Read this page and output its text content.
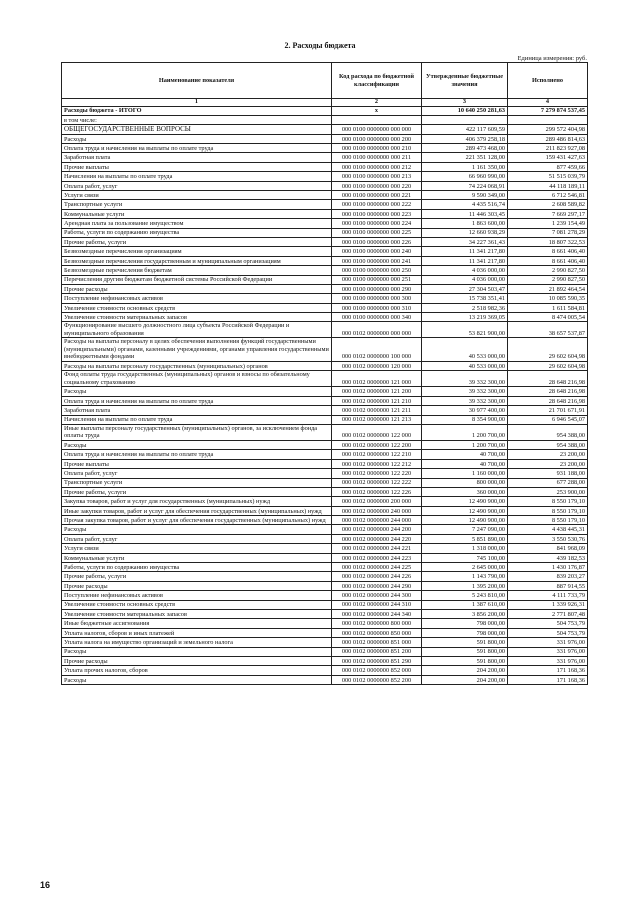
2. Расходы бюджета
Единица измерения: руб.
Наименование показателя	Код расхода по бюджетной классификации	Утвержденные бюджетные значения	Исполнено
1	2	3	4
Расходы бюджета - ИТОГО	x	10 640 250 281,63	7 279 874 537,45
в том числе:			
ОБЩЕГОСУДАРСТВЕННЫЕ ВОПРОСЫ	000 0100 0000000 000 000	422 117 609,59	299 572 404,98
Расходы	000 0100 0000000 000 200	406 379 258,18	289 486 814,63
Оплата труда и начисления на выплаты по оплате труда	000 0100 0000000 000 210	289 473 468,00	211 823 927,08
Заработная плата	000 0100 0000000 000 211	221 351 128,00	159 431 427,63
Прочие выплаты	000 0100 0000000 000 212	1 161 350,00	877 459,66
Начисления на выплаты по оплате труда	000 0100 0000000 000 213	66 960 990,00	51 515 039,79
Оплата работ, услуг	000 0100 0000000 000 220	74 224 068,91	44 118 189,11
Услуги связи	000 0100 0000000 000 221	9 590 349,00	6 712 546,81
Транспортные услуги	000 0100 0000000 000 222	4 435 516,74	2 608 589,82
Коммунальные услуги	000 0100 0000000 000 223	11 446 303,45	7 669 297,17
Арендная плата за пользование имуществом	000 0100 0000000 000 224	1 863 600,00	1 239 154,49
Работы, услуги по содержанию имущества	000 0100 0000000 000 225	12 660 938,29	7 081 278,29
Прочие работы, услуги	000 0100 0000000 000 226	34 227 361,43	18 807 322,53
Безвозмездные перечисления организациям	000 0100 0000000 000 240	11 341 217,80	8 661 406,40
Безвозмездные перечисления государственным и муниципальным организациям	000 0100 0000000 000 241	11 341 217,80	8 661 406,40
Безвозмездные перечисления бюджетам	000 0100 0000000 000 250	4 036 000,00	2 990 827,50
Перечисления другим бюджетам бюджетной системы Российской Федерации	000 0100 0000000 000 251	4 036 000,00	2 990 827,50
Прочие расходы	000 0100 0000000 000 290	27 304 503,47	21 892 464,54
Поступление нефинансовых активов	000 0100 0000000 000 300	15 738 351,41	10 085 590,35
Увеличение стоимости основных средств	000 0100 0000000 000 310	2 518 982,36	1 611 584,81
Увеличение стоимости материальных запасов	000 0100 0000000 000 340	13 219 369,05	8 474 005,54
Функционирование высшего должностного лица субъекта Российской Федерации и муниципального образования	000 0102 0000000 000 000	53 821 900,00	38 657 537,87
Расходы на выплаты персоналу в целях обеспечения выполнения функций государственными (муниципальными) органами, казенными учреждениями, органами управления государственными внебюджетными фондами	000 0102 0000000 100 000	40 533 000,00	29 602 604,98
Расходы на выплаты персоналу государственных (муниципальных) органов	000 0102 0000000 120 000	40 533 000,00	29 602 604,98
Фонд оплаты труда государственных (муниципальных) органов и взносы по обязательному социальному страхованию	000 0102 0000000 121 000	39 332 300,00	28 648 216,98
Расходы	000 0102 0000000 121 200	39 332 300,00	28 648 216,98
Оплата труда и начисления на выплаты по оплате труда	000 0102 0000000 121 210	39 332 300,00	28 648 216,98
Заработная плата	000 0102 0000000 121 211	30 977 400,00	21 701 671,91
Начисления на выплаты по оплате труда	000 0102 0000000 121 213	8 354 900,00	6 946 545,07
Иные выплаты персоналу государственных (муниципальных) органов, за исключением фонда оплаты труда	000 0102 0000000 122 000	1 200 700,00	954 388,00
Расходы	000 0102 0000000 122 200	1 200 700,00	954 388,00
Оплата труда и начисления на выплаты по оплате труда	000 0102 0000000 122 210	40 700,00	23 200,00
Прочие выплаты	000 0102 0000000 122 212	40 700,00	23 200,00
Оплата работ, услуг	000 0102 0000000 122 220	1 160 000,00	931 188,00
Транспортные услуги	000 0102 0000000 122 222	800 000,00	677 288,00
Прочие работы, услуги	000 0102 0000000 122 226	360 000,00	253 900,00
Закупка товаров, работ и услуг для государственных (муниципальных) нужд	000 0102 0000000 200 000	12 490 900,00	8 550 179,10
Иные закупки товаров, работ и услуг для обеспечения государственных (муниципальных) нужд	000 0102 0000000 240 000	12 490 900,00	8 550 179,10
Прочая закупка товаров, работ и услуг для обеспечения государственных (муниципальных) нужд	000 0102 0000000 244 000	12 490 900,00	8 550 179,10
Расходы	000 0102 0000000 244 200	7 247 090,00	4 438 445,31
Оплата работ, услуг	000 0102 0000000 244 220	5 851 890,00	3 550 530,76
Услуги связи	000 0102 0000000 244 221	1 318 000,00	841 968,09
Коммунальные услуги	000 0102 0000000 244 223	745 100,00	439 182,53
Работы, услуги по содержанию имущества	000 0102 0000000 244 225	2 645 000,00	1 430 176,87
Прочие работы, услуги	000 0102 0000000 244 226	1 143 790,00	839 203,27
Прочие расходы	000 0102 0000000 244 290	1 395 200,00	887 914,55
Поступление нефинансовых активов	000 0102 0000000 244 300	5 243 810,00	4 111 733,79
Увеличение стоимости основных средств	000 0102 0000000 244 310	1 387 610,00	1 339 926,31
Увеличение стоимости материальных запасов	000 0102 0000000 244 340	3 856 200,00	2 771 807,48
Иные бюджетные ассигнования	000 0102 0000000 800 000	798 000,00	504 753,79
Уплата налогов, сборов и иных платежей	000 0102 0000000 850 000	798 000,00	504 753,79
Уплата налога на имущество организаций и земельного налога	000 0102 0000000 851 000	591 800,00	331 976,00
Расходы	000 0102 0000000 851 200	591 800,00	331 976,00
Прочие расходы	000 0102 0000000 851 290	591 800,00	331 976,00
Уплата прочих налогов, сборов	000 0102 0000000 852 000	204 200,00	171 168,36
Расходы	000 0102 0000000 852 200	204 200,00	171 168,36
16
